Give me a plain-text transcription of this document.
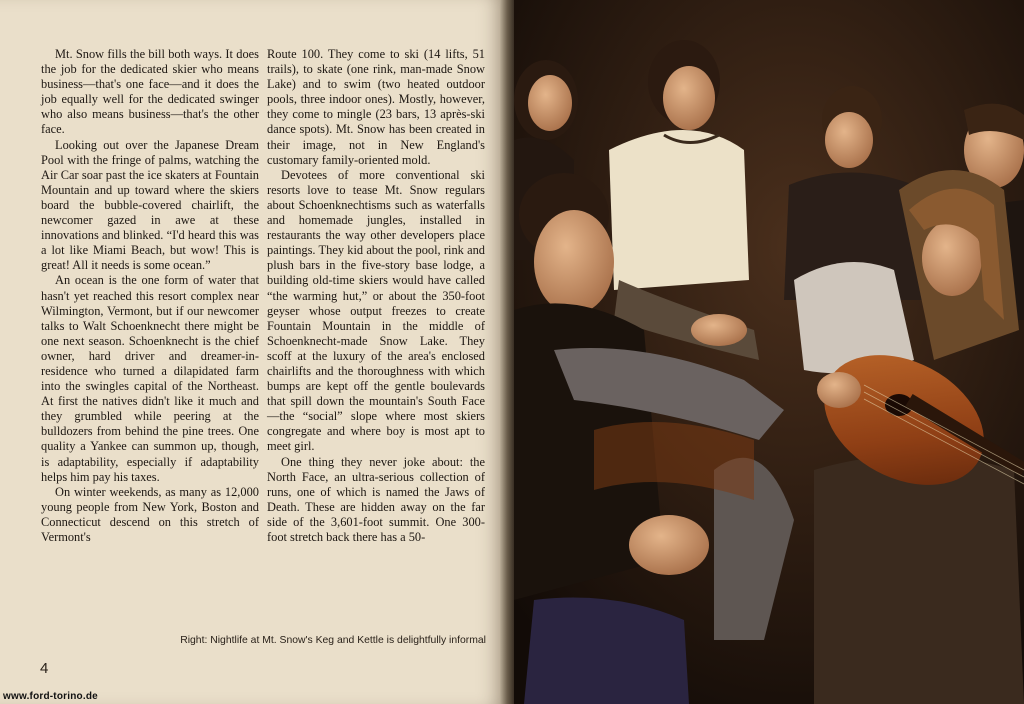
Mt. Snow fills the bill both ways. It does the job for the dedicated skier who means business—that's one face—and it does the job equally well for the dedicated swinger who also means business—that's the other face.

Looking out over the Japanese Dream Pool with the fringe of palms, watching the Air Car soar past the ice skaters at Fountain Mountain and up toward where the skiers board the bubble-covered chairlift, the newcomer gazed in awe at these innovations and blinked. “I'd heard this was a lot like Miami Beach, but wow! This is great! All it needs is some ocean.”

An ocean is the one form of water that hasn't yet reached this resort complex near Wilmington, Vermont, but if our newcomer talks to Walt Schoenknecht there might be one next season. Schoenknecht is the chief owner, hard driver and dreamer-in-residence who turned a dilapidated farm into the swingles capital of the Northeast. At first the natives didn't like it much and they grumbled while peering at the bulldozers from behind the pine trees. One quality a Yankee can summon up, though, is adaptability, especially if adaptability helps him pay his taxes.

On winter weekends, as many as 12,000 young people from New York, Boston and Connecticut descend on this stretch of Vermont's

Route 100. They come to ski (14 lifts, 51 trails), to skate (one rink, man-made Snow Lake) and to swim (two heated outdoor pools, three indoor ones). Mostly, however, they come to mingle (23 bars, 13 après-ski dance spots). Mt. Snow has been created in their image, not in New England's customary family-oriented mold.

Devotees of more conventional ski resorts love to tease Mt. Snow regulars about Schoenknechtisms such as waterfalls and homemade jungles, installed in restaurants the way other developers place paintings. They kid about the pool, rink and plush bars in the five-story base lodge, a building old-time skiers would have called “the warming hut,” or about the 350-foot geyser whose output freezes to create Fountain Mountain in the middle of Schoenknecht-made Snow Lake. They scoff at the luxury of the area's enclosed chairlifts and the thoroughness with which bumps are kept off the gentle boulevards that spill down the mountain's South Face—the “social” slope where most skiers congregate and where boy is most apt to meet girl.

One thing they never joke about: the North Face, an ultra-serious collection of runs, one of which is named the Jaws of Death. These are hidden away on the far side of the 3,601-foot summit. One 300-foot stretch back there has a 50-

Right: Nightlife at Mt. Snow's Keg and Kettle is delightfully informal
4
www.ford-torino.de
